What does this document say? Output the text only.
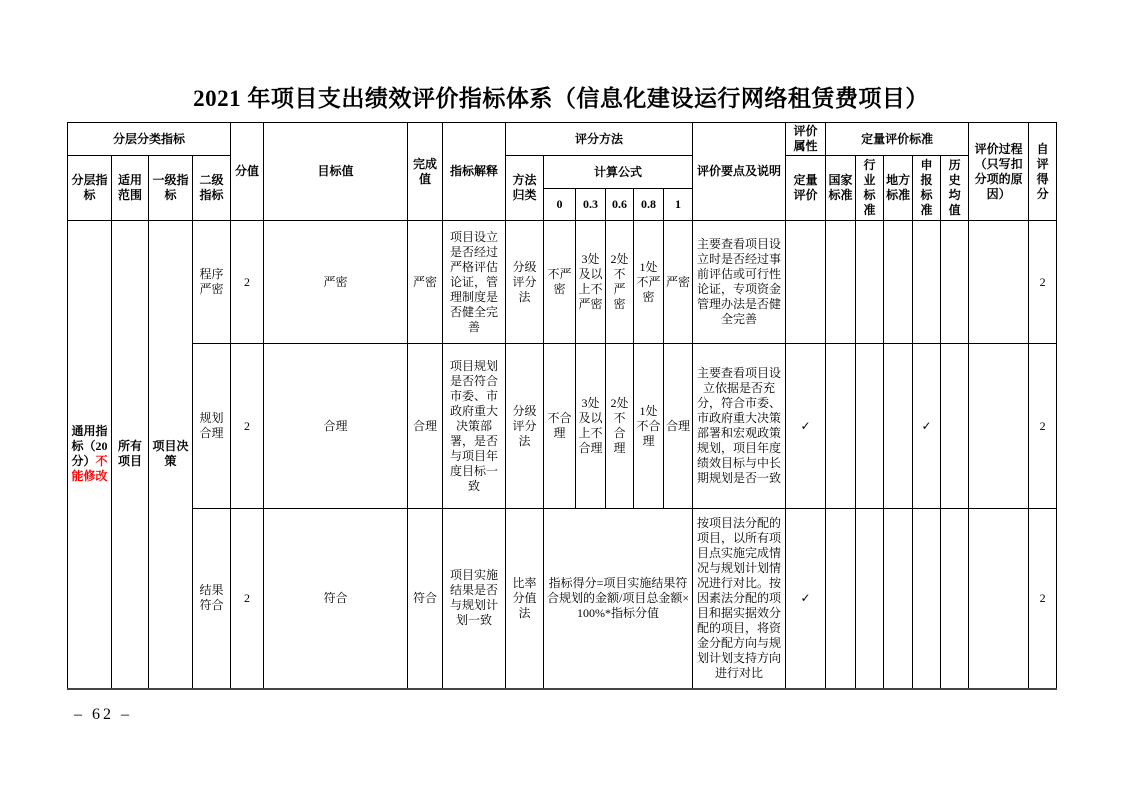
2021 年项目支出绩效评价指标体系（信息化建设运行网络租赁费项目）
分层分类指标				分值	目标值	完成值	指标解释	评分方法						评价要点及说明	评价属性	定量评价标准					评价过程（只写扣分项的原因）	自评得分
分层指标	适用范围	一级指标	二级指标					方法归类	计算公式						定量评价	国家标准	行业标准	地方标准	申报标准	历史均值		
									0	0.3	0.6	0.8	1									
通用指标（20分）不能修改	所有项目	项目决策	程序严密	2	严密	严密	项目设立是否经过严格评估论证，管理制度是否健全完善	分级评分法	不严密	3处及以上不严密	2处不严密	1处不严密	严密	主要查看项目设立时是否经过事前评估或可行性论证，专项资金管理办法是否健全完善								2
			规划合理	2	合理	合理	项目规划是否符合市委、市政府重大决策部署，是否与项目年度目标一致	分级评分法	不合理	3处及以上不合理	2处不合理	1处不合理	合理	主要查看项目设立依据是否充分，符合市委、市政府重大决策部署和宏观政策规划，项目年度绩效目标与中长期规划是否一致	✓				✓			2
			结果符合	2	符合	符合	项目实施结果是否与规划计划一致	比率分值法	指标得分=项目实施结果符合规划的金额/项目总金额×100%*指标分值					按项目法分配的项目，以所有项目点实施完成情况与规划计划情况进行对比。按因素法分配的项目和据实据效分配的项目，将资金分配方向与规划计划支持方向进行对比	✓							2
– 62 –
